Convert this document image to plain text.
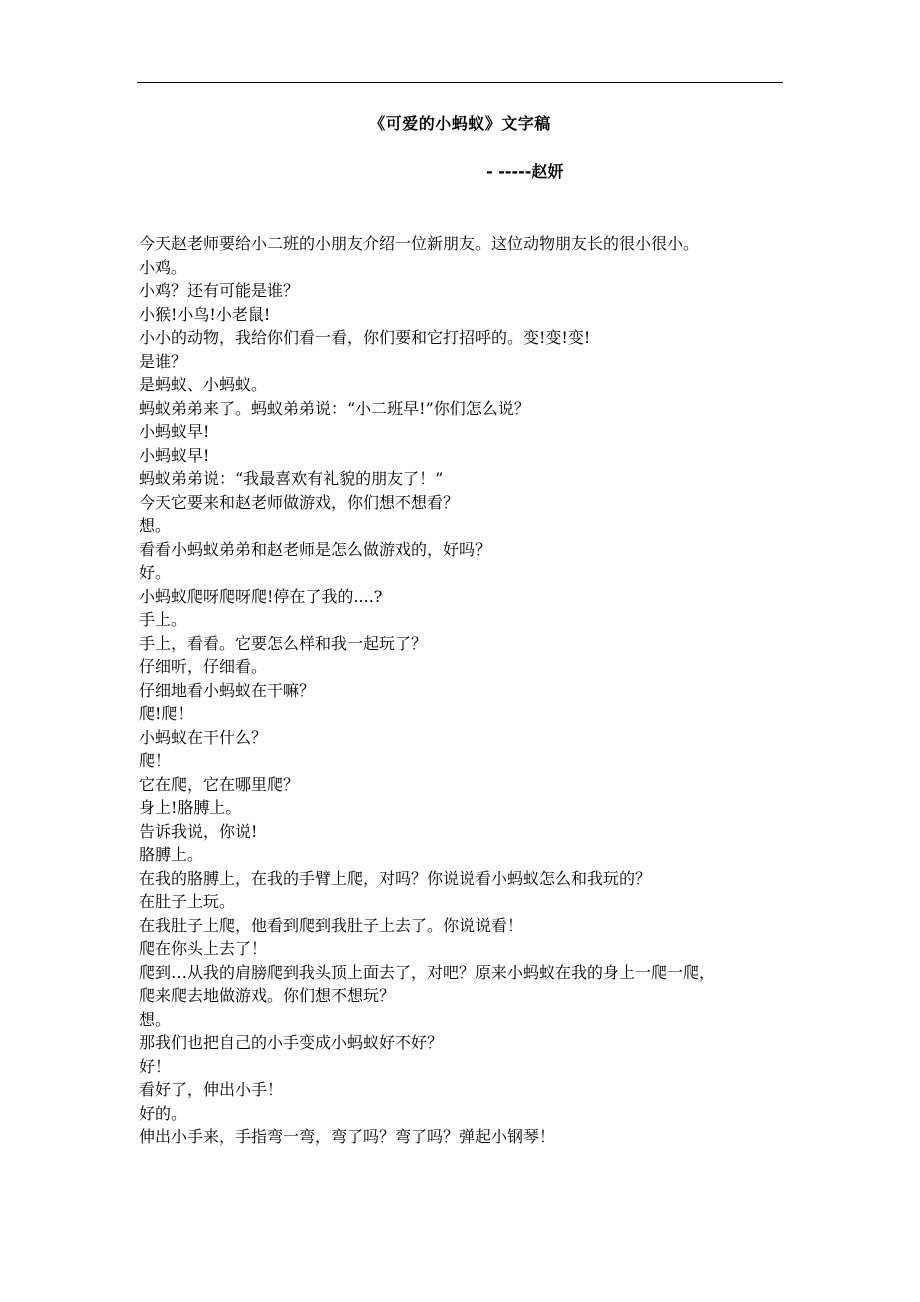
《可爱的小蚂蚁》文字稿
- -----赵妍
今天赵老师要给小二班的小朋友介绍一位新朋友。这位动物朋友长的很小很小。
小鸡。
小鸡？还有可能是谁？
小猴!小鸟!小老鼠!
小小的动物，我给你们看一看，你们要和它打招呼的。变!变!变!
是谁？
是蚂蚁、小蚂蚁。
蚂蚁弟弟来了。蚂蚁弟弟说：“小二班早!”你们怎么说？
小蚂蚁早!
小蚂蚁早!
蚂蚁弟弟说：“我最喜欢有礼貌的朋友了！”
今天它要来和赵老师做游戏，你们想不想看？
想。
看看小蚂蚁弟弟和赵老师是怎么做游戏的，好吗？
好。
小蚂蚁爬呀爬呀爬!停在了我的....?
手上。
手上，看看。它要怎么样和我一起玩了？
仔细听，仔细看。
仔细地看小蚂蚁在干嘛？
爬!爬！
小蚂蚁在干什么？
爬！
它在爬，它在哪里爬？
身上!胳膊上。
告诉我说，你说!
胳膊上。
在我的胳膊上，在我的手臂上爬，对吗？你说说看小蚂蚁怎么和我玩的？
在肚子上玩。
在我肚子上爬，他看到爬到我肚子上去了。你说说看！
爬在你头上去了！
爬到…从我的肩膀爬到我头顶上面去了，对吧？原来小蚂蚁在我的身上一爬一爬，
爬来爬去地做游戏。你们想不想玩？
想。
那我们也把自己的小手变成小蚂蚁好不好？
好！
看好了，伸出小手！
好的。
伸出小手来，手指弯一弯，弯了吗？弯了吗？弹起小钢琴！
